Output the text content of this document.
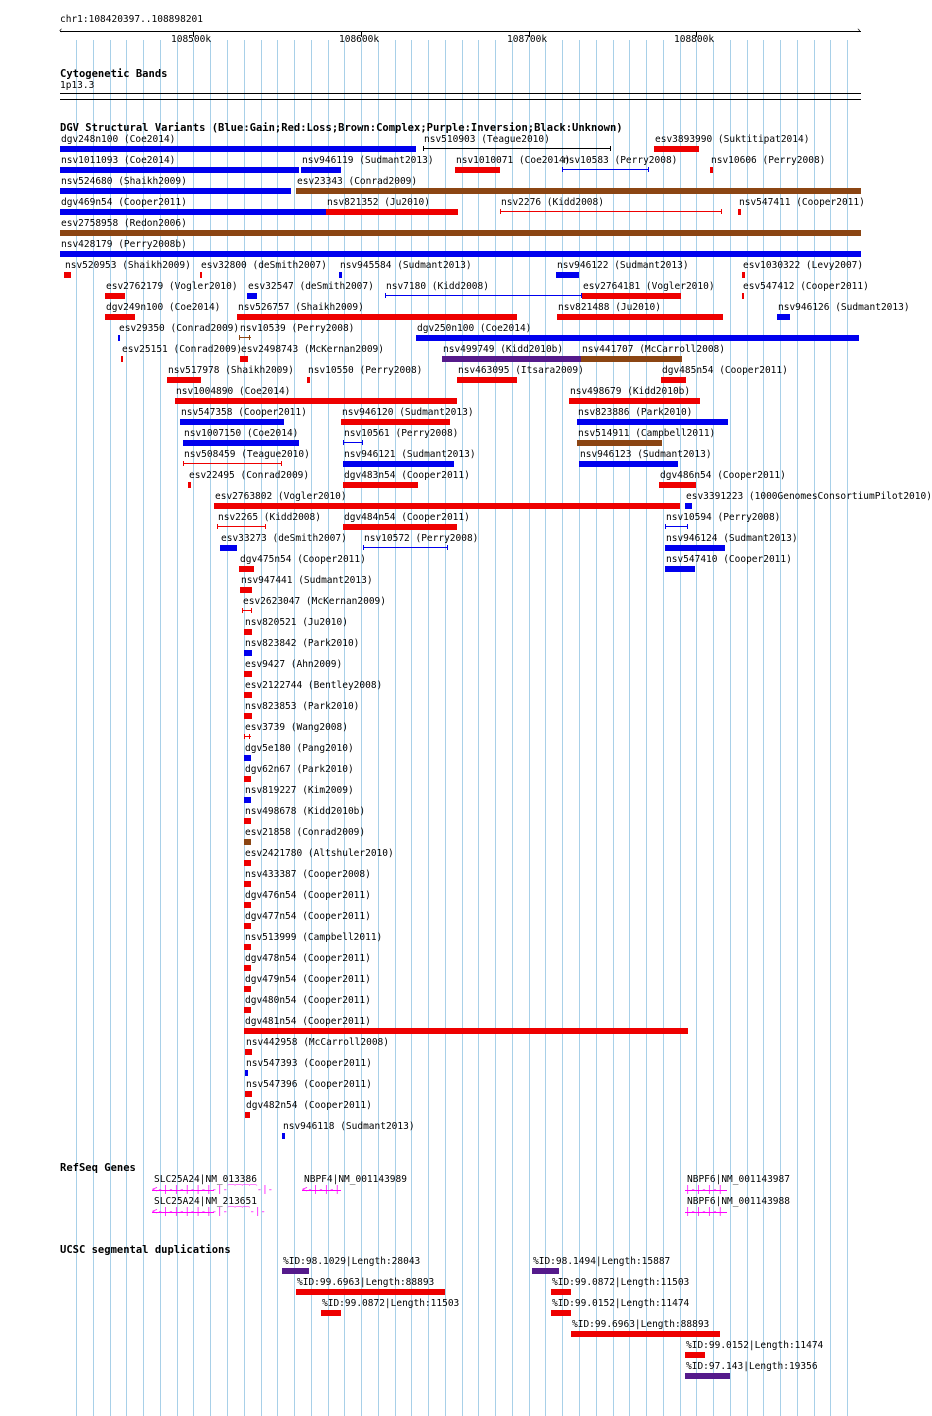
chr1:108420397..108898201
‹	›
108500k	108600k	108700k	108800k
Cytogenetic Bands
1p13.3
DGV Structural Variants (Blue:Gain;Red:Loss;Brown:Complex;Purple:Inversion;Black:Unknown)
dgv248n100 (Coe2014)	nsv510903 (Teague2010)	esv3893990 (Suktitipat2014)
nsv1011093 (Coe2014)	nsv946119 (Sudmant2013) nsv1010071 (Coe2014)
nsv10583 (Perry2008)	nsv10606 (Perry2008)
nsv524680 (Shaikh2009)	esv23343 (Conrad2009)
dgv469n54 (Cooper2011)	nsv821352 (Ju2010)	nsv2276 (Kidd2008)	nsv547411 (Cooper2011)
esv2758958 (Redon2006)
nsv428179 (Perry2008b)
nsv520953 (Shaikh2009) esv32800 (deSmith2007) nsv945584 (Sudmant2013)	nsv946122 (Sudmant2013)	esv1030322 (Levy2007)
esv2762179 (Vogler2010) esv32547 (deSmith2007) nsv7180 (Kidd2008)	esv2764181 (Vogler2010)	esv547412 (Cooper2011)
dgv249n100 (Coe2014) nsv526757 (Shaikh2009)	nsv821488 (Ju2010)	nsv946126 (Sudmant2013)
esv29350 (Conrad2009) nsv10539 (Perry2008)	dgv250n100 (Coe2014)
esv25151 (Conrad2009)
esv2498743 (McKernan2009)	nsv499749 (Kidd2010b) nsv441707 (McCarroll2008)
nsv517978 (Shaikh2009) nsv10550 (Perry2008)	nsv463095 (Itsara2009)	dgv485n54 (Cooper2011)
nsv1004890 (Coe2014)	nsv498679 (Kidd2010b)
nsv547358 (Cooper2011)	nsv946120 (Sudmant2013)	nsv823886 (Park2010)
nsv1007150 (Coe2014)	nsv10561 (Perry2008)	nsv514911 (Campbell2011)
nsv508459 (Teague2010)	nsv946121 (Sudmant2013)	nsv946123 (Sudmant2013)
esv22495 (Conrad2009)	dgv483n54 (Cooper2011)	dgv486n54 (Cooper2011)
esv2763802 (Vogler2010)	esv3391223 (1000GenomesConsortiumPilot2010)
nsv2265 (Kidd2008) dgv484n54 (Cooper2011)	nsv10594 (Perry2008)
esv33273 (deSmith2007) nsv10572 (Perry2008)	nsv946124 (Sudmant2013)
dgv475n54 (Cooper2011)	nsv547410 (Cooper2011)
nsv947441 (Sudmant2013)
esv2623047 (McKernan2009)
nsv820521 (Ju2010)
nsv823842 (Park2010)
esv9427 (Ahn2009)
esv2122744 (Bentley2008)
nsv823853 (Park2010)
esv3739 (Wang2008)
dgv5e180 (Pang2010)
dgv62n67 (Park2010)
nsv819227 (Kim2009)
nsv498678 (Kidd2010b)
esv21858 (Conrad2009)
esv2421780 (Altshuler2010)
nsv433387 (Cooper2008)
dgv476n54 (Cooper2011)
dgv477n54 (Cooper2011)
nsv513999 (Campbell2011)
dgv478n54 (Cooper2011)
dgv479n54 (Cooper2011)
dgv480n54 (Cooper2011)
dgv481n54 (Cooper2011)
nsv442958 (McCarroll2008)
nsv547393 (Cooper2011)
nsv547396 (Cooper2011)
dgv482n54 (Cooper2011)
nsv946118 (Sudmant2013)
RefSeq Genes
SLC25A24|NM_013386
<-|-|-|-|-|-|-⁀⁀⁀⁀-|-
SLC25A24|NM_213651
<-|-|-|-|-|-|-⁀⁀⁀-|-
NBPF4|NM_001143989
<-|-|-|
NBPF6|NM_001143987
|-|-|-|
NBPF6|NM_001143988
|-|-|-|
UCSC segmental duplications
%ID:98.1029|Length:28043	%ID:98.1494|Length:15887
%ID:99.6963|Length:88893	%ID:99.0872|Length:11503
%ID:99.0872|Length:11503	%ID:99.0152|Length:11474
%ID:99.6963|Length:88893
%ID:99.0152|Length:11474
%ID:97.143|Length:19356
